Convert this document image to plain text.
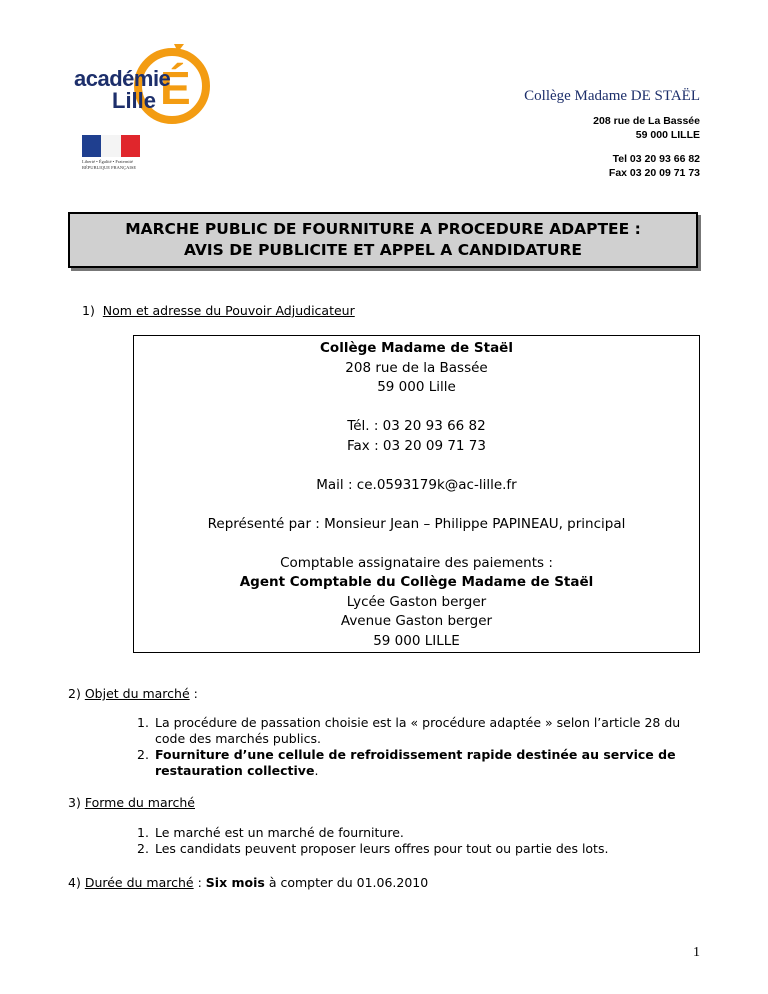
É
académie
Lille
Liberté • Égalité • Fraternité
RÉPUBLIQUE FRANÇAISE
Collège Madame DE STAËL
208 rue de La Bassée
59 000 LILLE
Tel 03 20 93 66 82
Fax 03 20 09 71 73
MARCHE PUBLIC DE FOURNITURE A PROCEDURE ADAPTEE :
AVIS DE PUBLICITE ET APPEL A CANDIDATURE
1) Nom et adresse du Pouvoir Adjudicateur
Collège Madame de Staël
208 rue de la Bassée
59 000 Lille
Tél. : 03 20 93 66 82
Fax : 03 20 09 71 73
Mail : ce.0593179k@ac-lille.fr
Représenté par : Monsieur Jean – Philippe PAPINEAU, principal
Comptable assignataire des paiements :
Agent Comptable du Collège Madame de Staël
Lycée Gaston berger
Avenue Gaston berger
59 000 LILLE
2) Objet du marché :
1. La procédure de passation choisie est la « procédure adaptée » selon l’article 28 du code des marchés publics.
2. Fourniture d’une cellule de refroidissement rapide destinée au service de restauration collective.
3) Forme du marché
1. Le marché est un marché de fourniture.
2. Les candidats peuvent proposer leurs offres pour tout ou partie des lots.
4) Durée du marché : Six mois à compter du 01.06.2010
1
